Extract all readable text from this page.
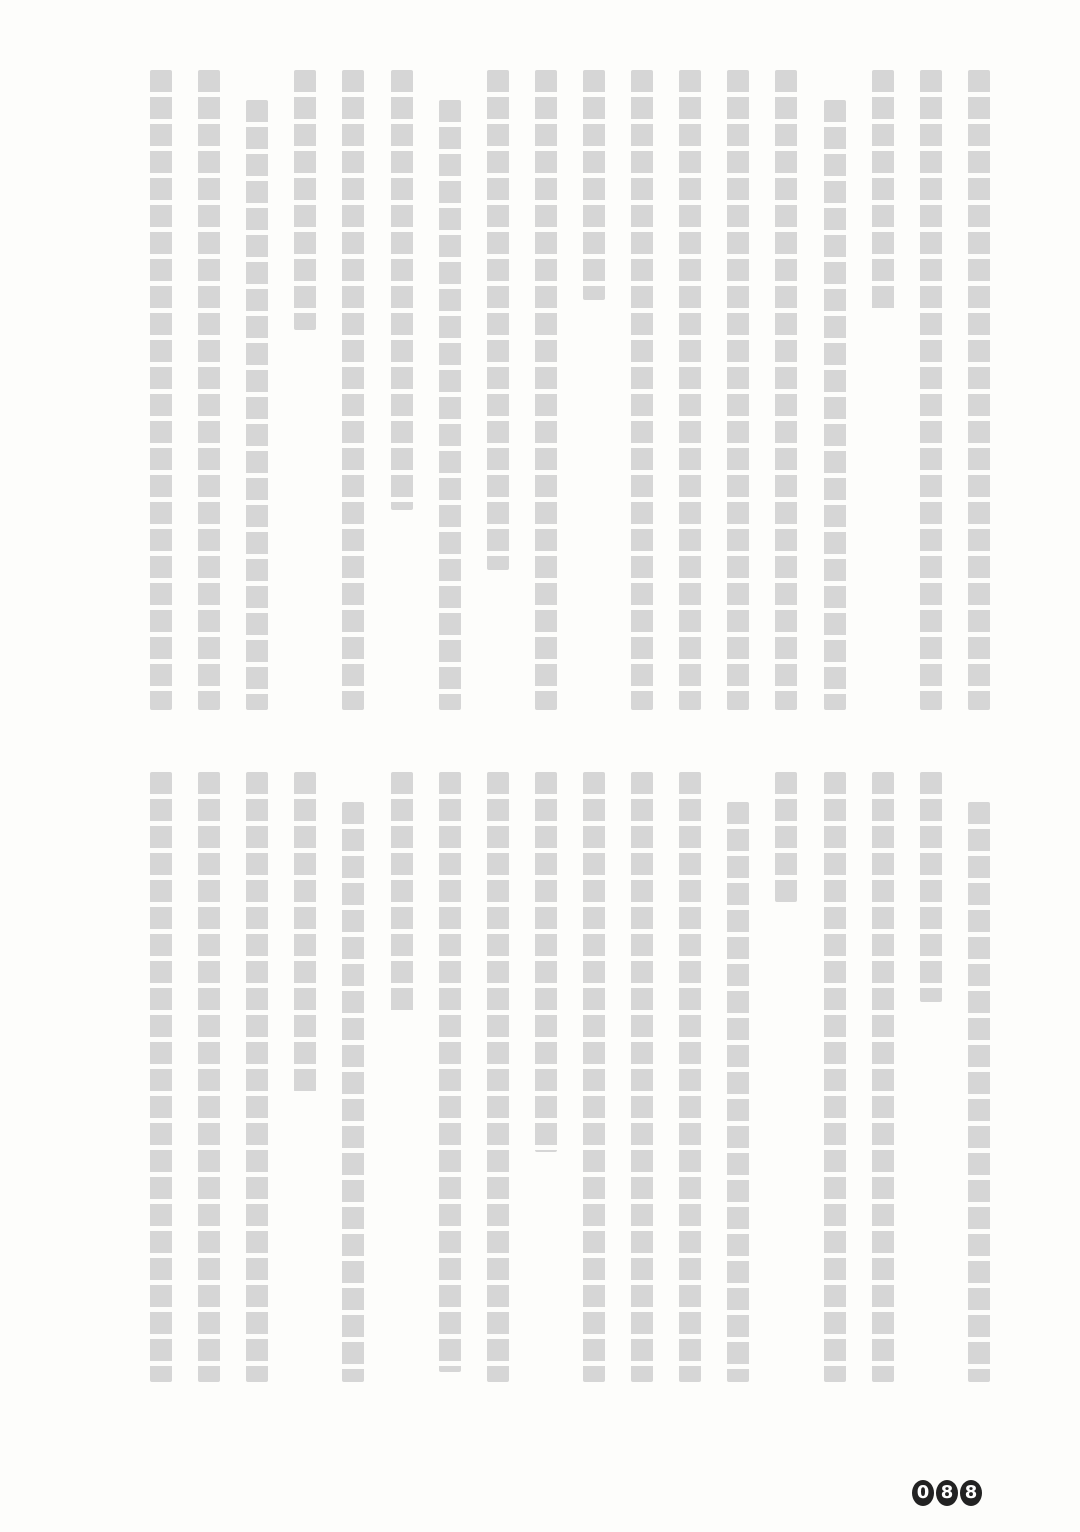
0 8 8
